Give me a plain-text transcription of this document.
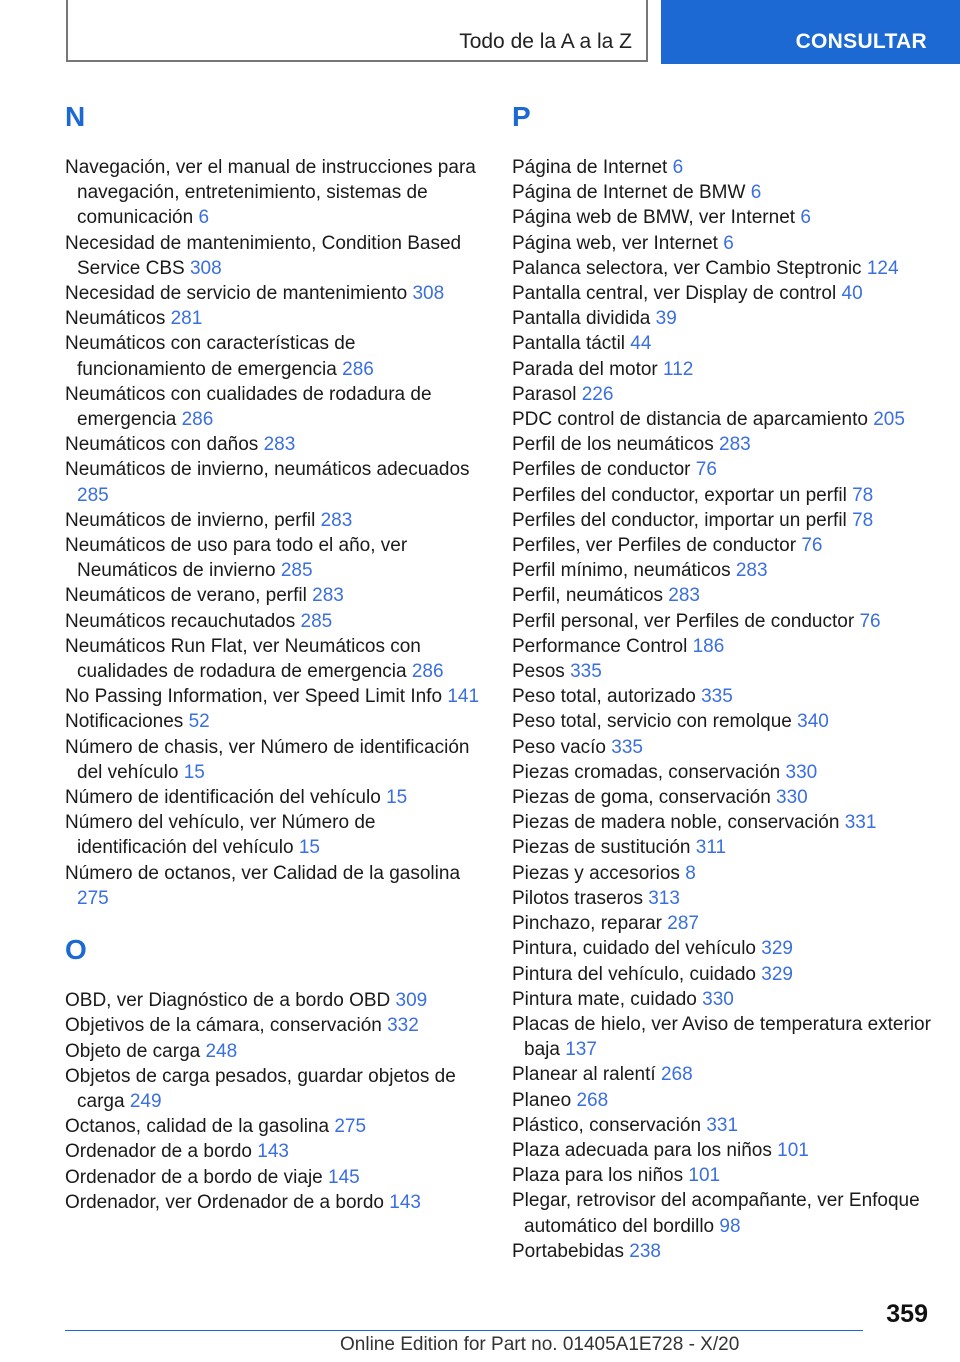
Todo de la A a la Z	CONSULTAR
N
Navegación, ver el manual de instrucciones para navegación, entretenimiento, sistemas de comunicación 6
Necesidad de mantenimiento, Condition Based Service CBS 308
Necesidad de servicio de mantenimiento 308
Neumáticos 281
Neumáticos con características de funcionamiento de emergencia 286
Neumáticos con cualidades de rodadura de emergencia 286
Neumáticos con daños 283
Neumáticos de invierno, neumáticos adecuados 285
Neumáticos de invierno, perfil 283
Neumáticos de uso para todo el año, ver Neumáticos de invierno 285
Neumáticos de verano, perfil 283
Neumáticos recauchutados 285
Neumáticos Run Flat, ver Neumáticos con cualidades de rodadura de emergencia 286
No Passing Information, ver Speed Limit Info 141
Notificaciones 52
Número de chasis, ver Número de identificación del vehículo 15
Número de identificación del vehículo 15
Número del vehículo, ver Número de identificación del vehículo 15
Número de octanos, ver Calidad de la gasolina 275
O
OBD, ver Diagnóstico de a bordo OBD 309
Objetivos de la cámara, conservación 332
Objeto de carga 248
Objetos de carga pesados, guardar objetos de carga 249
Octanos, calidad de la gasolina 275
Ordenador de a bordo 143
Ordenador de a bordo de viaje 145
Ordenador, ver Ordenador de a bordo 143
P
Página de Internet 6
Página de Internet de BMW 6
Página web de BMW, ver Internet 6
Página web, ver Internet 6
Palanca selectora, ver Cambio Steptronic 124
Pantalla central, ver Display de control 40
Pantalla dividida 39
Pantalla táctil 44
Parada del motor 112
Parasol 226
PDC control de distancia de aparcamiento 205
Perfil de los neumáticos 283
Perfiles de conductor 76
Perfiles del conductor, exportar un perfil 78
Perfiles del conductor, importar un perfil 78
Perfiles, ver Perfiles de conductor 76
Perfil mínimo, neumáticos 283
Perfil, neumáticos 283
Perfil personal, ver Perfiles de conductor 76
Performance Control 186
Pesos 335
Peso total, autorizado 335
Peso total, servicio con remolque 340
Peso vacío 335
Piezas cromadas, conservación 330
Piezas de goma, conservación 330
Piezas de madera noble, conservación 331
Piezas de sustitución 311
Piezas y accesorios 8
Pilotos traseros 313
Pinchazo, reparar 287
Pintura, cuidado del vehículo 329
Pintura del vehículo, cuidado 329
Pintura mate, cuidado 330
Placas de hielo, ver Aviso de temperatura exterior baja 137
Planear al ralentí 268
Planeo 268
Plástico, conservación 331
Plaza adecuada para los niños 101
Plaza para los niños 101
Plegar, retrovisor del acompañante, ver Enfoque automático del bordillo 98
Portabebidas 238
359
Online Edition for Part no. 01405A1E728 - X/20
